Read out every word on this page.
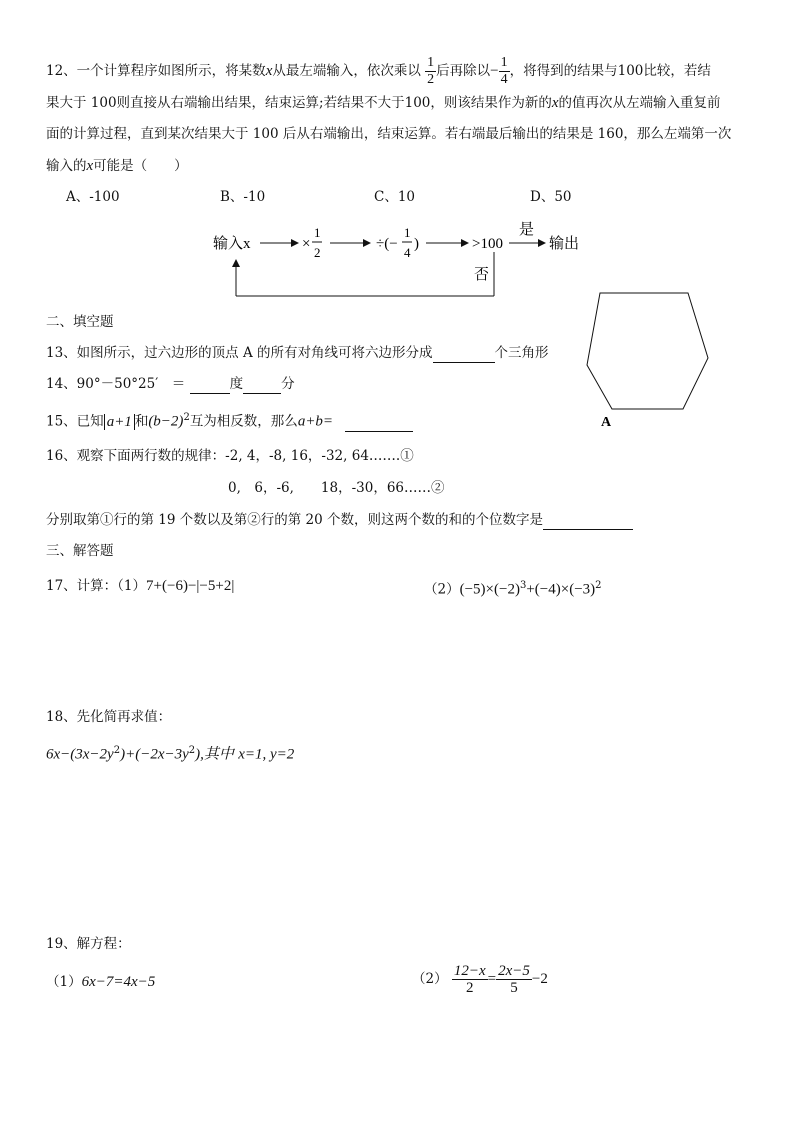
12、一个计算程序如图所示，将某数x从最左端输入，依次乘以 $\frac{1}{2}$ 后再除以− $\frac{1}{4}$ ，将得到的结果与100比较，若结
果大于 100则直接从右端输出结果，结束运算;若结果不大于100，则该结果作为新的x的值再次从左端输入重复前
面的计算过程，直到某次结果大于 100 后从右端输出，结束运算。若右端最后输出的结果是 160，那么左端第一次
输入的x可能是（　　）
A、-100	B、-10	C、10	D、50
输入x	×
1
2
÷(−
1
4
)	>100
是
输出
否
A
二、填空题
13、如图所示，过六边形的顶点 A 的所有对角线可将六边形分成	个三角形
14、90°－50°25′　＝	度	分
15、已知 a+1 和$(b-2)^2$互为相反数，那么a+b=
16、观察下面两行数的规律：-2, 4，-8, 16，-32, 64…….①
0,　6，-6,　　18，-30，66……②
分别取第①行的第 19 个数以及第②行的第 20 个数，则这两个数的和的个位数字是
三、解答题
17、计算：（1）7+(−6)−|−5+2|	$(2)(-5)\times(-2)^3+(-4)\times(-3)^2$
18、先化简再求值：
$6x-(3x-2y^2)+(-2x-3y^2)$,其中 x=1, y=2
19、解方程：
（1）6x−7=4x−5	$(2) \frac{12-x}{2} = \frac{2x-5}{5} -2$
